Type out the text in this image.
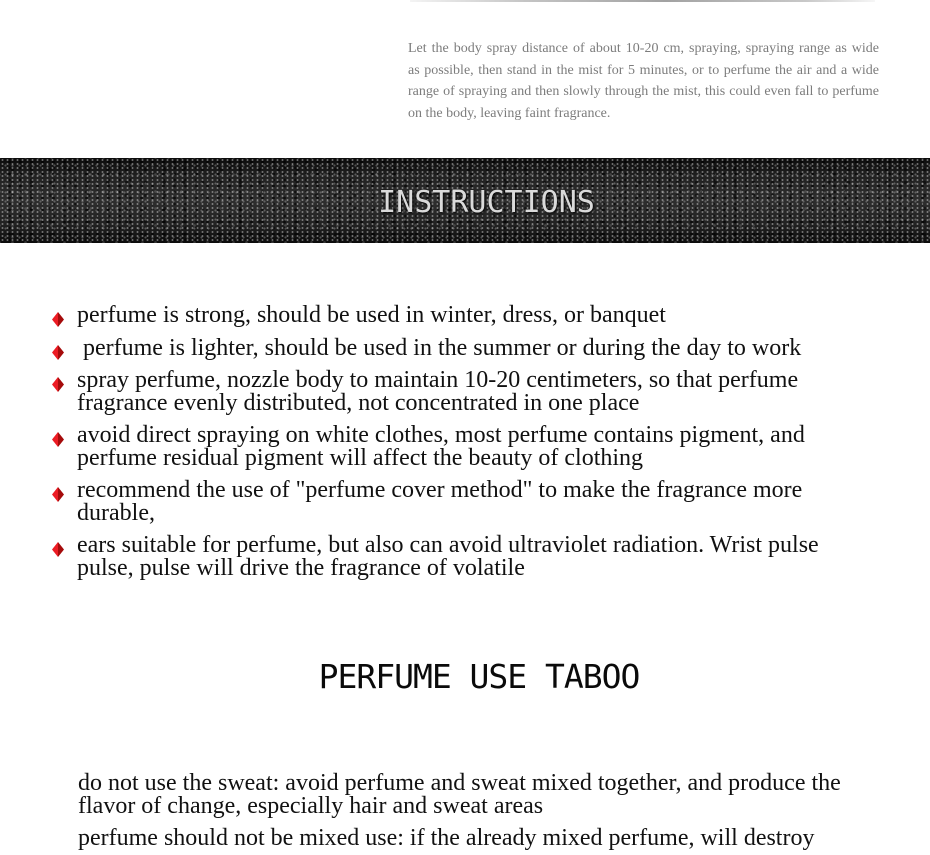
Let the body spray distance of about 10-20 cm, spraying, spraying range as wide
as possible, then stand in the mist for 5 minutes, or to perfume the air and a wide
range of spraying and then slowly through the mist, this could even fall to perfume
on the body, leaving faint fragrance.
INSTRUCTIONS
perfume is strong, should be used in winter, dress, or banquet
perfume is lighter, should be used in the summer or during the day to work
spray perfume, nozzle body to maintain 10-20 centimeters, so that perfume
fragrance evenly distributed, not concentrated in one place
avoid direct spraying on white clothes, most perfume contains pigment, and
perfume residual pigment will affect the beauty of clothing
recommend the use of "perfume cover method" to make the fragrance more
durable,
ears suitable for perfume, but also can avoid ultraviolet radiation. Wrist pulse
pulse, pulse will drive the fragrance of volatile
PERFUME USE TABOO
do not use the sweat: avoid perfume and sweat mixed together, and produce the
flavor of change, especially hair and sweat areas
perfume should not be mixed use: if the already mixed perfume, will destroy
